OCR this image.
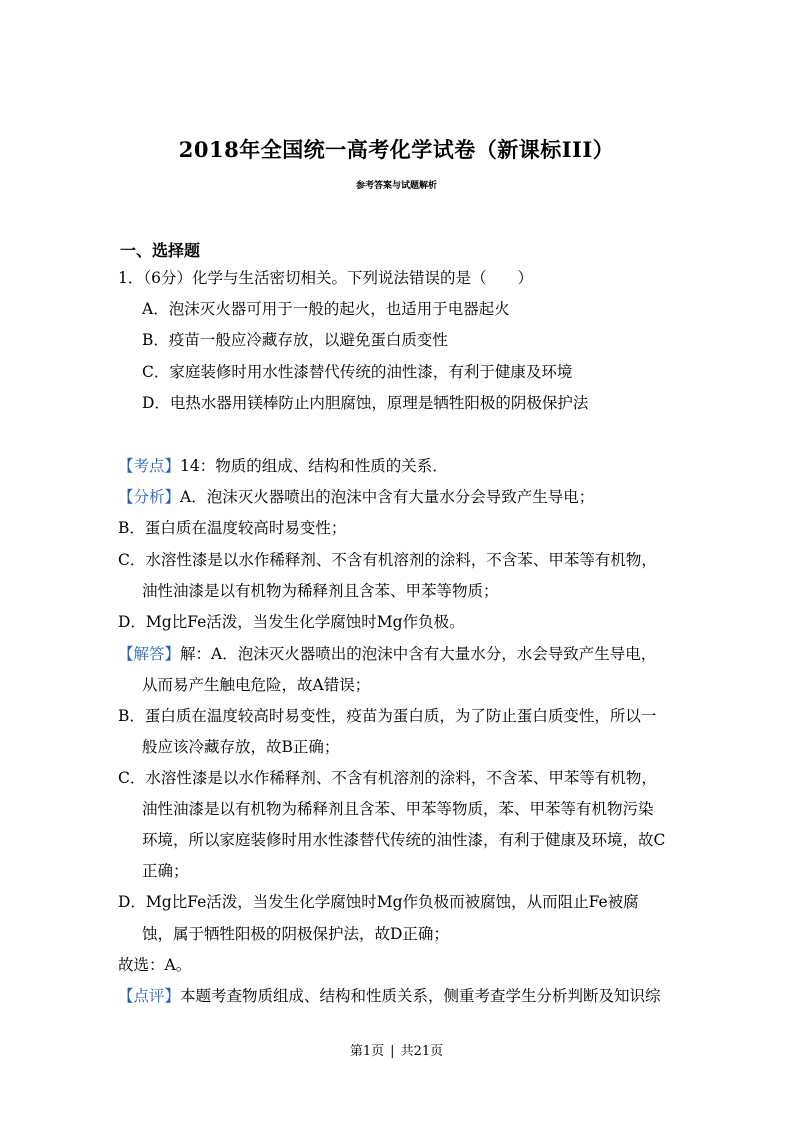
2018年全国统一高考化学试卷（新课标III）
参考答案与试题解析
一、选择题
1．（6分）化学与生活密切相关。下列说法错误的是（　　）
A．泡沫灭火器可用于一般的起火，也适用于电器起火
B．疫苗一般应冷藏存放，以避免蛋白质变性
C．家庭装修时用水性漆替代传统的油性漆，有利于健康及环境
D．电热水器用镁棒防止内胆腐蚀，原理是牺牲阳极的阴极保护法
【考点】14：物质的组成、结构和性质的关系．
【分析】A．泡沫灭火器喷出的泡沫中含有大量水分会导致产生导电；
B．蛋白质在温度较高时易变性；
C．水溶性漆是以水作稀释剂、不含有机溶剂的涂料，不含苯、甲苯等有机物，
油性油漆是以有机物为稀释剂且含苯、甲苯等物质；
D．Mg比Fe活泼，当发生化学腐蚀时Mg作负极。
【解答】解：A．泡沫灭火器喷出的泡沫中含有大量水分，水会导致产生导电，
从而易产生触电危险，故A错误；
B．蛋白质在温度较高时易变性，疫苗为蛋白质，为了防止蛋白质变性，所以一
般应该冷藏存放，故B正确；
C．水溶性漆是以水作稀释剂、不含有机溶剂的涂料，不含苯、甲苯等有机物，
油性油漆是以有机物为稀释剂且含苯、甲苯等物质，苯、甲苯等有机物污染
环境，所以家庭装修时用水性漆替代传统的油性漆，有利于健康及环境，故C
正确；
D．Mg比Fe活泼，当发生化学腐蚀时Mg作负极而被腐蚀，从而阻止Fe被腐
蚀，属于牺牲阳极的阴极保护法，故D正确；
故选：A。
【点评】本题考查物质组成、结构和性质关系，侧重考查学生分析判断及知识综
第1页 | 共21页
